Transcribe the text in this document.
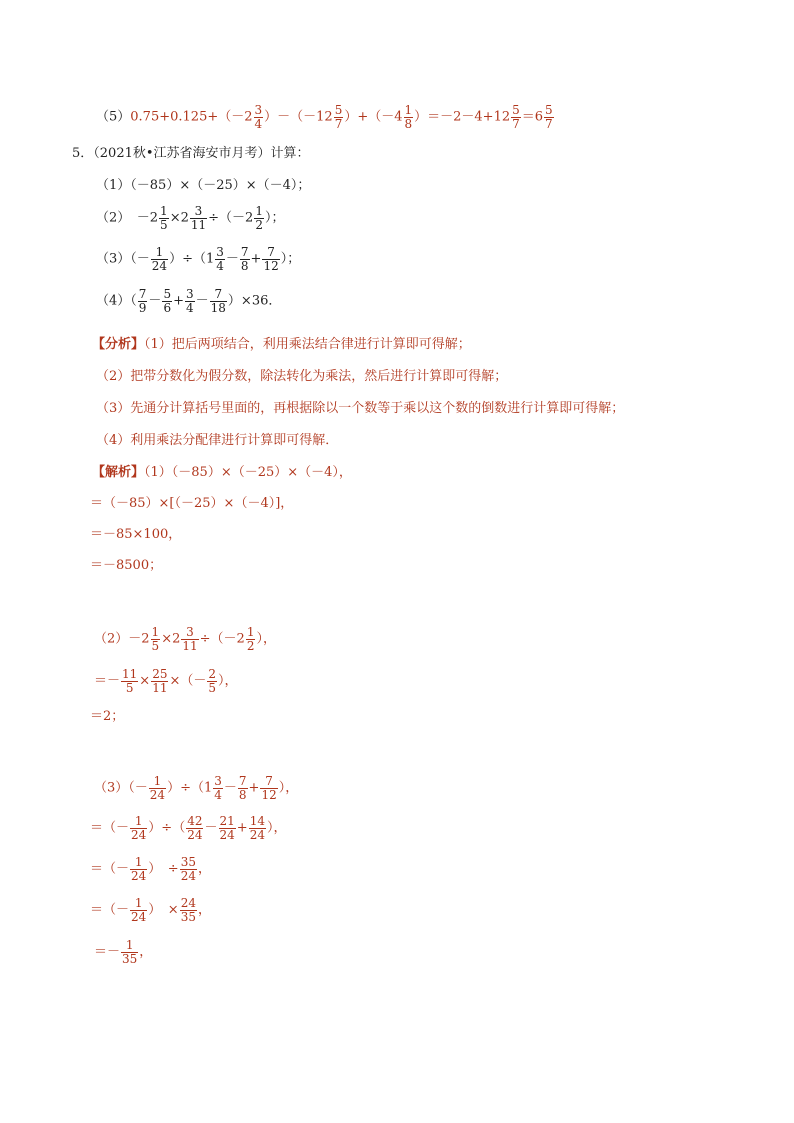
$(5)0.75+0.125+(-2 \frac{3}{4} )-(-12 \frac{5}{7} )+(-4 \frac{1}{8} )=-2-4+12 \frac{5}{7} =6 \frac{5}{7}$
5．（2021秋•江苏省海安市月考）计算：
（1）（－85）×（－25）×（－4）；
（2）　$-2 \frac{1}{5} \times 2 \frac{3}{11} \div(-2 \frac{1}{2}$ ）；
$(3)(- \frac{1}{24} )\div(1 \frac{3}{4} - \frac{7}{8} + \frac{7}{12}$ ）；
$(4)( \frac{7}{9} - \frac{5}{6} + \frac{3}{4} - \frac{7}{18} )\times 36$．
【分析】（1）把后两项结合，利用乘法结合律进行计算即可得解；
（2）把带分数化为假分数，除法转化为乘法，然后进行计算即可得解；
（3）先通分计算括号里面的，再根据除以一个数等于乘以这个数的倒数进行计算即可得解；
（4）利用乘法分配律进行计算即可得解．
【解析】（1）（－85）×（－25）×（－4），
＝（－85）×[（－25）×（－4）]，
＝－85×100，
＝－8500；
$(2)-2 \frac{1}{5} \times 2 \frac{3}{11} \div(-2 \frac{1}{2}$ ），
＝－ $\frac{11}{5} \times \frac{25}{11}$ ×（－ $\frac{2}{5}$ ），
＝2；
$(3)(- \frac{1}{24} )\div(1 \frac{3}{4} - \frac{7}{8} + \frac{7}{12}$ ），
＝（－ $\frac{1}{24}$ ）÷（ $\frac{42}{24} - \frac{21}{24} + \frac{14}{24}$ ），
＝（－ $\frac{1}{24}$ ）　÷ $\frac{35}{24}$ ，
＝（－ $\frac{1}{24}$ ）　× $\frac{24}{35}$ ，
＝－ $\frac{1}{35}$ ，
